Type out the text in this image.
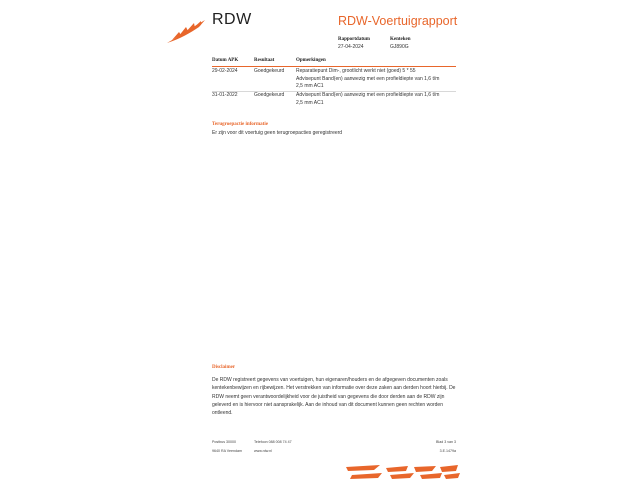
RDW	RDW-Voertuigrapport
Rapportdatum
27-04-2024
Kenteken
GJ890G
Datum APK	Resultaat	Opmerkingen
29-02-2024	Goedgekeurd Reparatiepunt Dim-, grootlicht werkt niet (goed) 5 * 55
Advisepunt Band(en) aanwezig met een profieldiepte van 1,6 t/m
2,5 mm AC1
31-01-2022	Goedgekeurd Advisepunt Band(en) aanwezig met een profieldiepte van 1,6 t/m
2,5 mm AC1
Terugroepactie informatie
Er zijn voor dit voertuig geen terugroepacties geregistreerd
Disclaimer
De RDW registreert gegevens van voertuigen, hun eigenaren/houders en de afgegeven documenten zoals kentekenbewijzen en rijbewijzen. Het verstrekken van informatie over deze zaken aan derden hoort hierbij. De RDW neemt geen verantwoordelijkheid voor de juistheid van gegevens die door derden aan de RDW zijn geleverd en is hiervoor niet aansprakelijk. Aan de inhoud van dit document kunnen geen rechten worden ontleend.
Postbus 30000
9640 RA Veendam
Telefoon 088 008 74 47
www.rdw.nl
Blad 3 van 3
3.E.1479a
